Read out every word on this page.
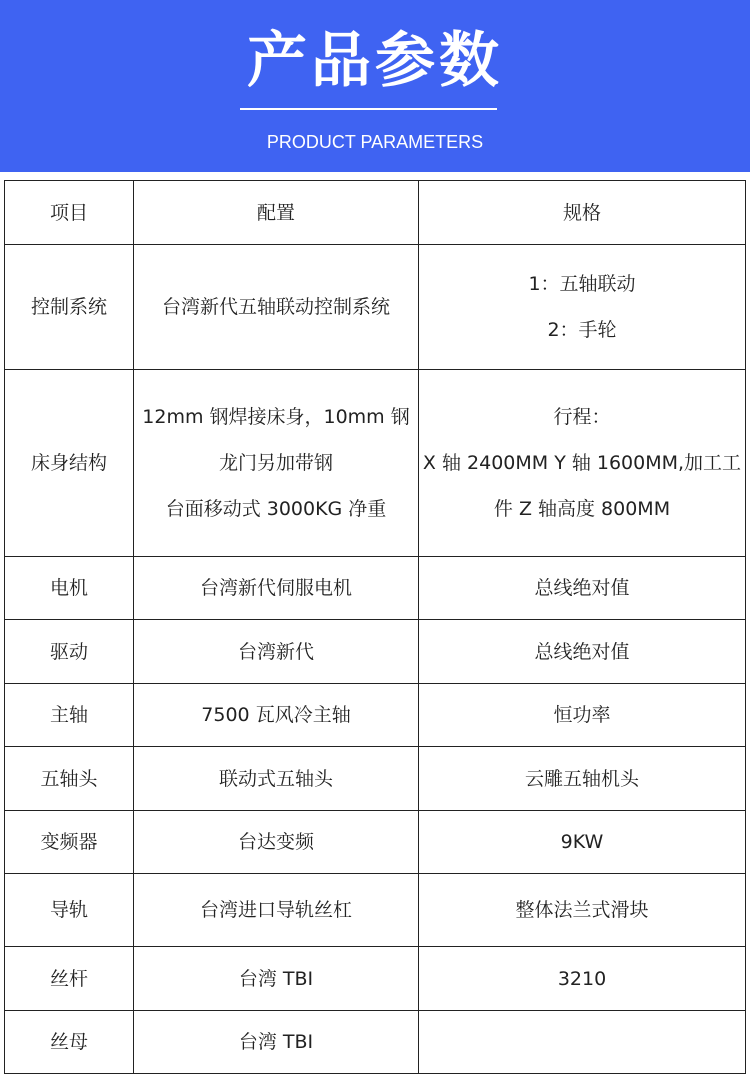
产品参数
PRODUCT PARAMETERS
项目	配置	规格
控制系统	台湾新代五轴联动控制系统	1：五轴联动
2：手轮

床身结构	12mm 钢焊接床身，10mm 钢
龙门另加带钢
台面移动式 3000KG 净重	行程：
X 轴 2400MM Y 轴 1600MM,加工工
件 Z 轴高度 800MM

电机	台湾新代伺服电机	总线绝对值
驱动	台湾新代	总线绝对值
主轴	7500 瓦风冷主轴	恒功率
五轴头	联动式五轴头	云雕五轴机头
变频器	台达变频	9KW
导轨	台湾进口导轨丝杠	整体法兰式滑块
丝杆	台湾 TBI	3210
丝母	台湾 TBI	
